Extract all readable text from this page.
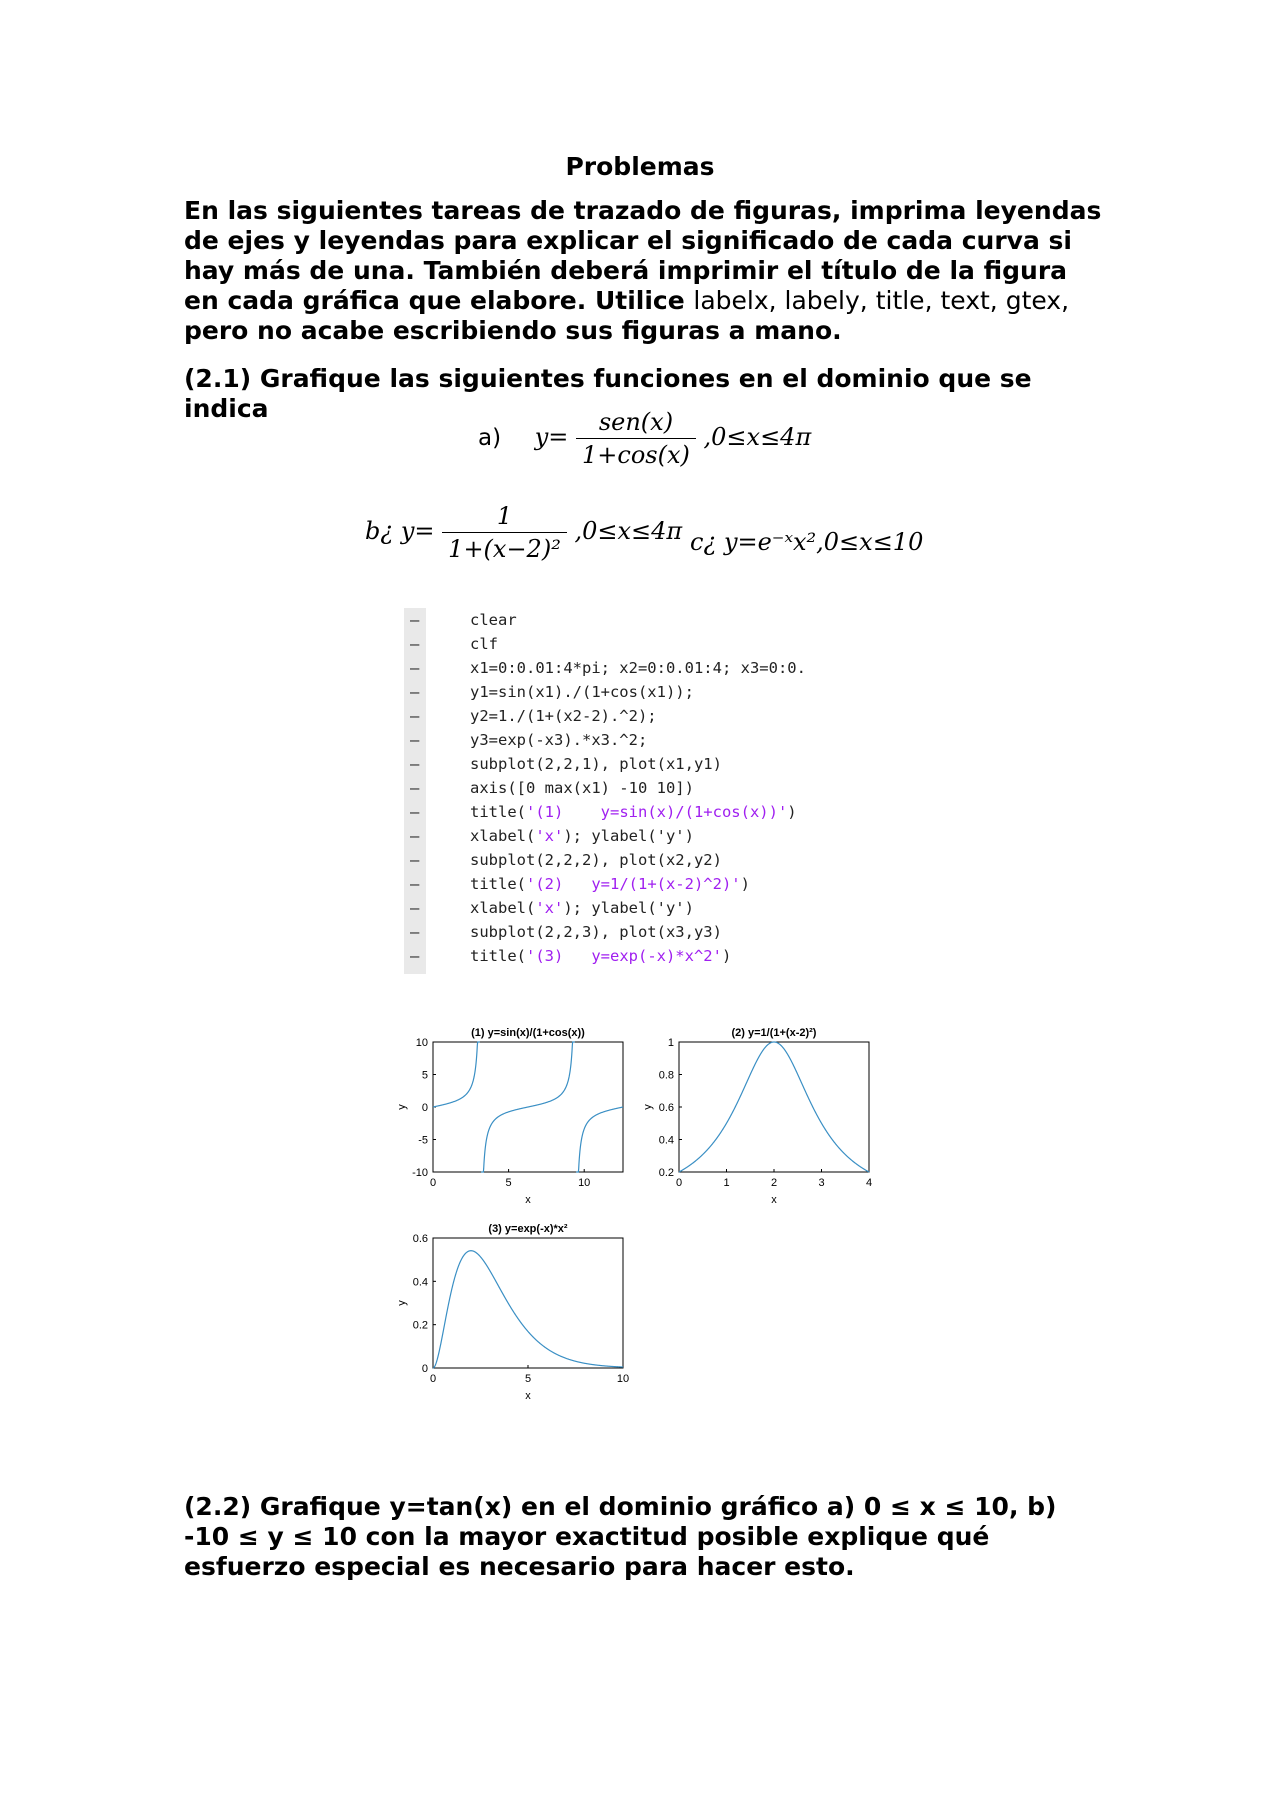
Problemas
En las siguientes tareas de trazado de figuras, imprima leyendas de ejes y leyendas para explicar el significado de cada curva si hay más de una. También deberá imprimir el título de la figura en cada gráfica que elabore. Utilice labelx, labely, title, text, gtex, pero no acabe escribiendo sus figuras a mano.
(2.1) Grafique las siguientes funciones en el dominio que se indica
a) $y= \frac{\text{sen(x)}}{1+\cos(x)} ,0\le x\le 4\pi$
b¿ $y= \frac{1}{\text{1+(x−2)²}} ,0\le x\le 4\pi$ c¿ y=e⁻ˣx²,0≤x≤10
–	clear
–	clf
–	x1=0:0.01:4*pi; x2=0:0.01:4; x3=0:0.
–	y1=sin(x1)./(1+cos(x1));
–	y2=1./(1+(x2-2).^2);
–	y3=exp(-x3).*x3.^2;
–	subplot(2,2,1), plot(x1,y1)
–	axis([0 max(x1) -10 10])
–	title('(1)    y=sin(x)/(1+cos(x))')
–	xlabel('x'); ylabel('y')
–	subplot(2,2,2), plot(x2,y2)
–	title('(2)   y=1/(1+(x-2)^2)')
–	xlabel('x'); ylabel('y')
–	subplot(2,2,3), plot(x3,y3)
–	title('(3)   y=exp(-x)*x^2')
10
5
0
-5
-10
0	5	10
x
y
(1) y=sin(x)/(1+cos(x))
1
0.8
0.6
0.4
0.2
0	1	2	3	4
x
y
(2) y=1/(1+(x-2)²)
0.6
0.4
0.2
0
0	5	10
x
y
(3) y=exp(-x)*x²
(2.2) Grafique y=tan(x) en el dominio gráfico a) 0 ≤ x ≤ 10, b) -10 ≤ y ≤ 10 con la mayor exactitud posible explique qué esfuerzo especial es necesario para hacer esto.
